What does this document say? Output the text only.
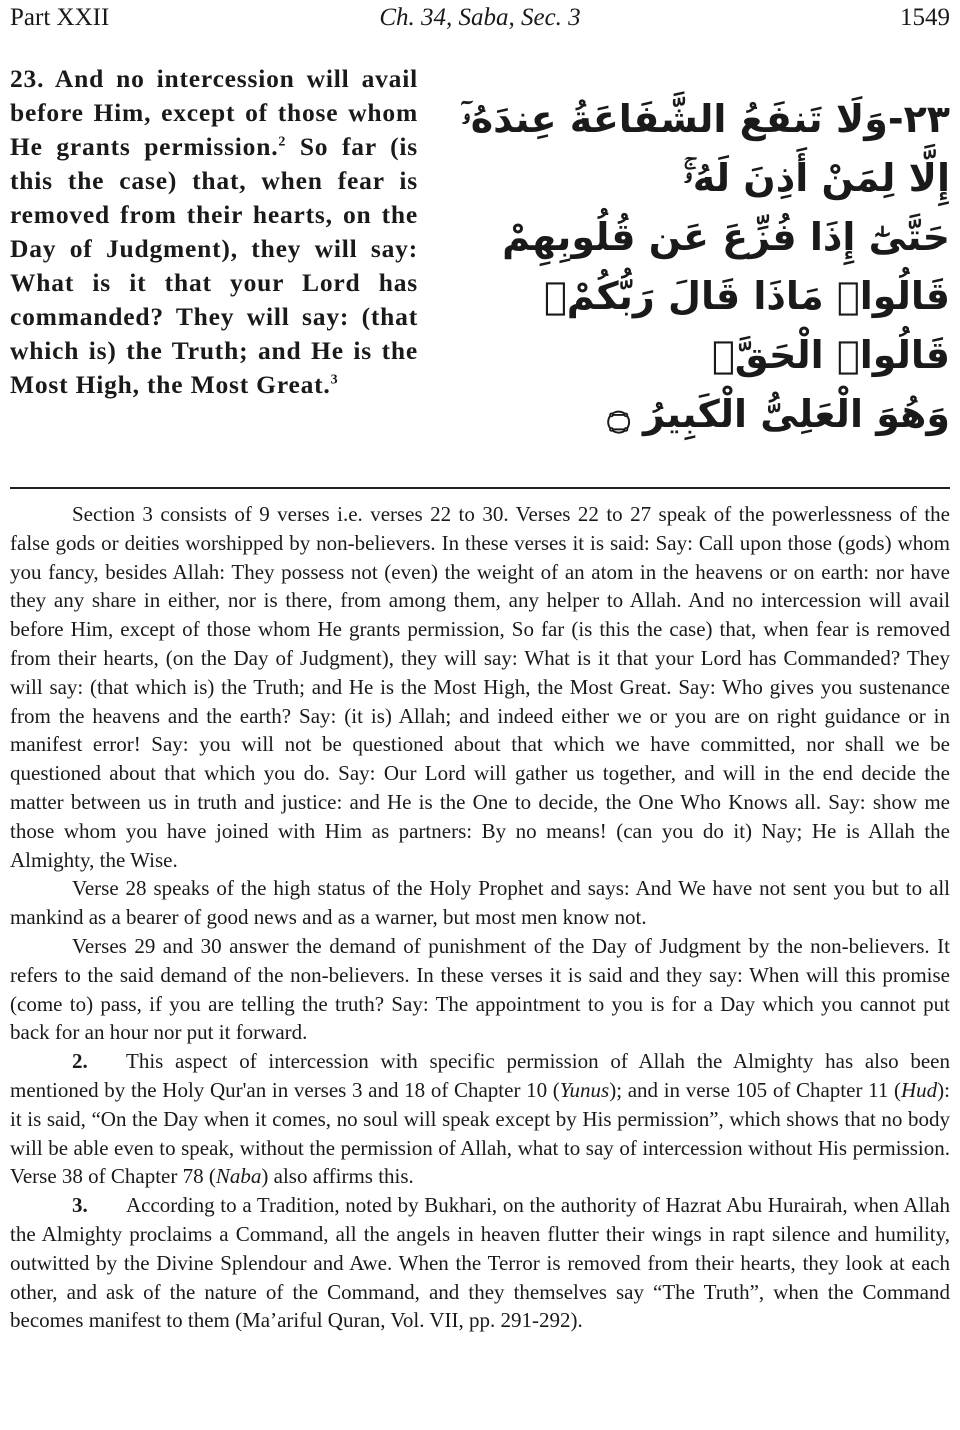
Part XXII	Ch. 34, Saba, Sec. 3	1549
23. And no intercession will avail before Him, except of those whom He grants permission.$^2$ So far (is this the case) that, when fear is removed from their hearts, on the Day of Judgment), they will say: What is it that your Lord has commanded? They will say: (that which is) the Truth; and He is the Most High, the Most Great.$^3$
٢٣-وَلَا تَنفَعُ الشَّفَاعَةُ عِندَهُۥٓ
إِلَّا لِمَنْ أَذِنَ لَهُۥۚ
حَتَّىٰٓ إِذَا فُزِّعَ عَن قُلُوبِهِمْ
قَالُوا۟ مَاذَا قَالَ رَبُّكُمْۖ
قَالُوا۟ الْحَقَّۖ
وَهُوَ الْعَلِىُّ الْكَبِيرُ ۝

Section 3 consists of 9 verses i.e. verses 22 to 30. Verses 22 to 27 speak of the powerlessness of the false gods or deities worshipped by non-believers. In these verses it is said: Say: Call upon those (gods) whom you fancy, besides Allah: They possess not (even) the weight of an atom in the heavens or on earth: nor have they any share in either, nor is there, from among them, any helper to Allah. And no intercession will avail before Him, except of those whom He grants permission, So far (is this the case) that, when fear is removed from their hearts, (on the Day of Judgment), they will say: What is it that your Lord has Commanded? They will say: (that which is) the Truth; and He is the Most High, the Most Great. Say: Who gives you sustenance from the heavens and the earth? Say: (it is) Allah; and indeed either we or you are on right guidance or in manifest error! Say: you will not be questioned about that which we have committed, nor shall we be questioned about that which you do. Say: Our Lord will gather us together, and will in the end decide the matter between us in truth and justice: and He is the One to decide, the One Who Knows all. Say: show me those whom you have joined with Him as partners: By no means! (can you do it) Nay; He is Allah the Almighty, the Wise.

Verse 28 speaks of the high status of the Holy Prophet and says: And We have not sent you but to all mankind as a bearer of good news and as a warner, but most men know not.

Verses 29 and 30 answer the demand of punishment of the Day of Judgment by the non-believers. It refers to the said demand of the non-believers. In these verses it is said and they say: When will this promise (come to) pass, if you are telling the truth? Say: The appointment to you is for a Day which you cannot put back for an hour nor put it forward.

2. This aspect of intercession with specific permission of Allah the Almighty has also been mentioned by the Holy Qur'an in verses 3 and 18 of Chapter 10 (Yunus); and in verse 105 of Chapter 11 (Hud): it is said, “On the Day when it comes, no soul will speak except by His permission”, which shows that no body will be able even to speak, without the permission of Allah, what to say of intercession without His permission. Verse 38 of Chapter 78 (Naba) also affirms this.

3. According to a Tradition, noted by Bukhari, on the authority of Hazrat Abu Hurairah, when Allah the Almighty proclaims a Command, all the angels in heaven flutter their wings in rapt silence and humility, outwitted by the Divine Splendour and Awe. When the Terror is removed from their hearts, they look at each other, and ask of the nature of the Command, and they themselves say “The Truth”, when the Command becomes manifest to them (Ma’ariful Quran, Vol. VII, pp. 291-292).
